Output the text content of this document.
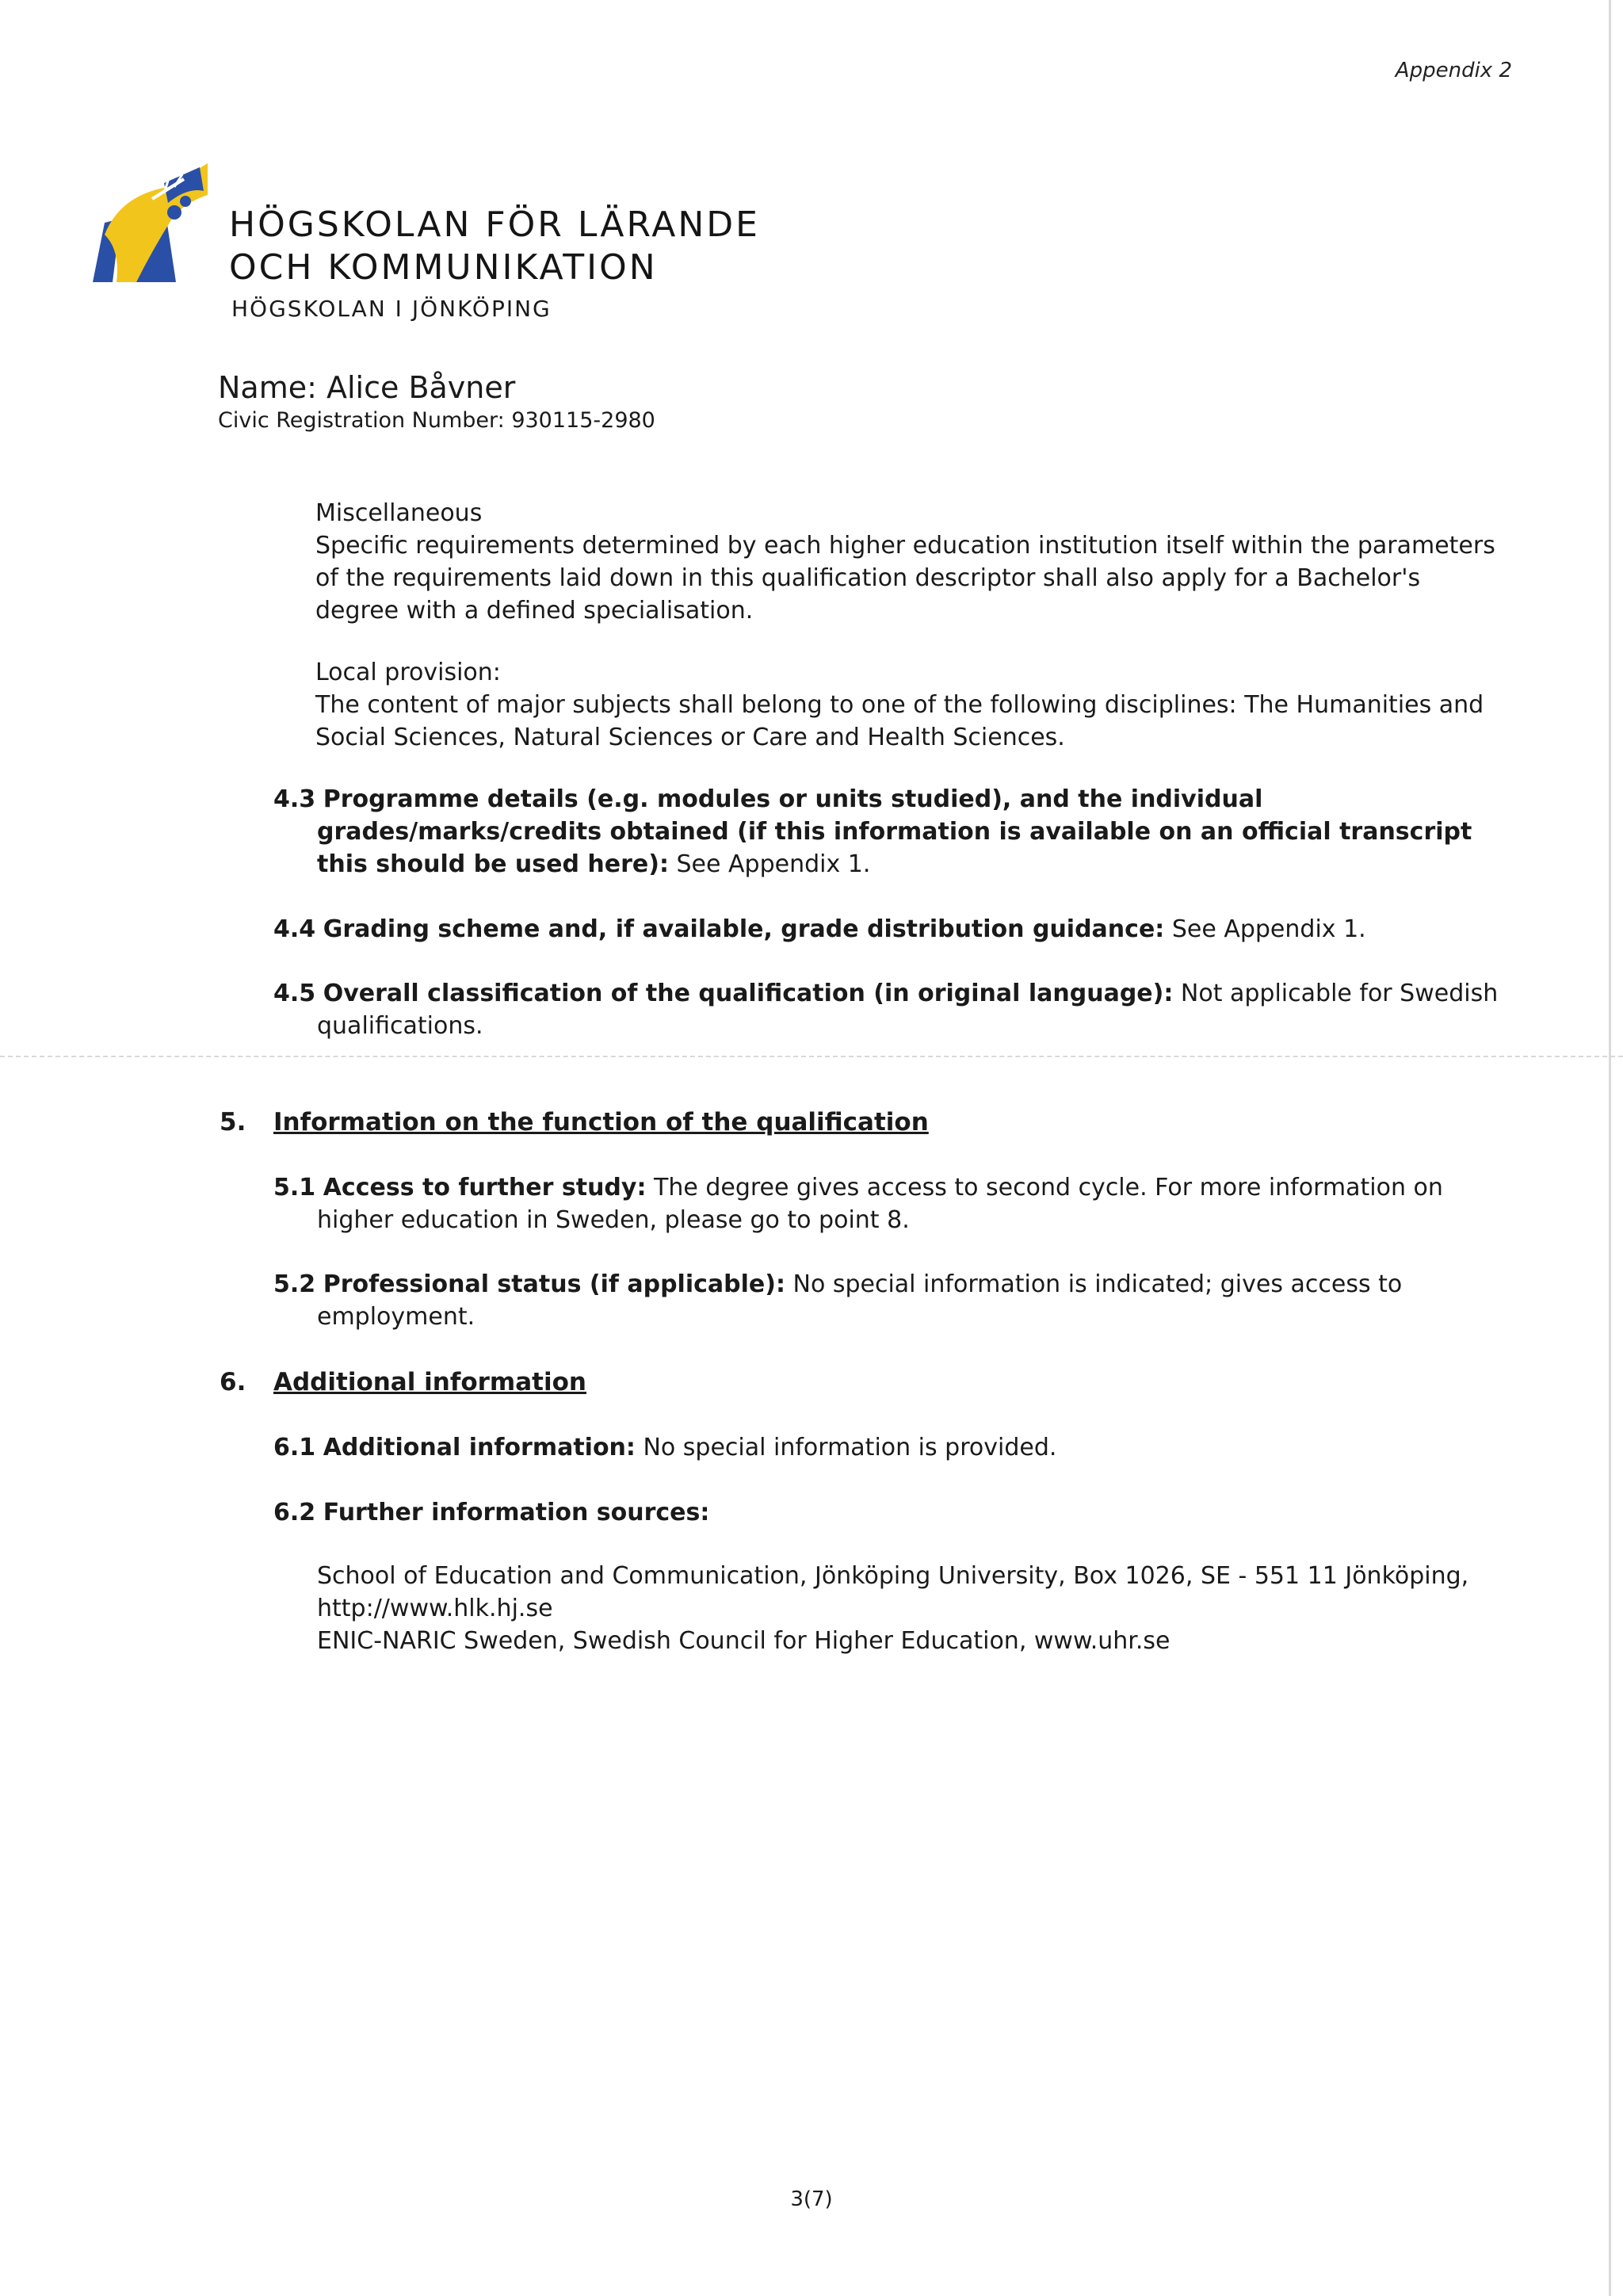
Appendix 2
HÖGSKOLAN FÖR LÄRANDE
OCH KOMMUNIKATION
HÖGSKOLAN I JÖNKÖPING
Name: Alice Båvner
Civic Registration Number: 930115-2980
Miscellaneous
Specific requirements determined by each higher education institution itself within the parameters of the requirements laid down in this qualification descriptor shall also apply for a Bachelor's degree with a defined specialisation.
Local provision:
The content of major subjects shall belong to one of the following disciplines: The Humanities and Social Sciences, Natural Sciences or Care and Health Sciences.
4.3 Programme details (e.g. modules or units studied), and the individual grades/marks/credits obtained (if this information is available on an official transcript this should be used here): See Appendix 1.
4.4 Grading scheme and, if available, grade distribution guidance: See Appendix 1.
4.5 Overall classification of the qualification (in original language): Not applicable for Swedish qualifications.
5. Information on the function of the qualification
5.1 Access to further study: The degree gives access to second cycle. For more information on higher education in Sweden, please go to point 8.
5.2 Professional status (if applicable): No special information is indicated; gives access to employment.
6. Additional information
6.1 Additional information: No special information is provided.
6.2 Further information sources:
School of Education and Communication, Jönköping University, Box 1026, SE - 551 11 Jönköping,
http://www.hlk.hj.se
ENIC-NARIC Sweden, Swedish Council for Higher Education, www.uhr.se
3(7)
